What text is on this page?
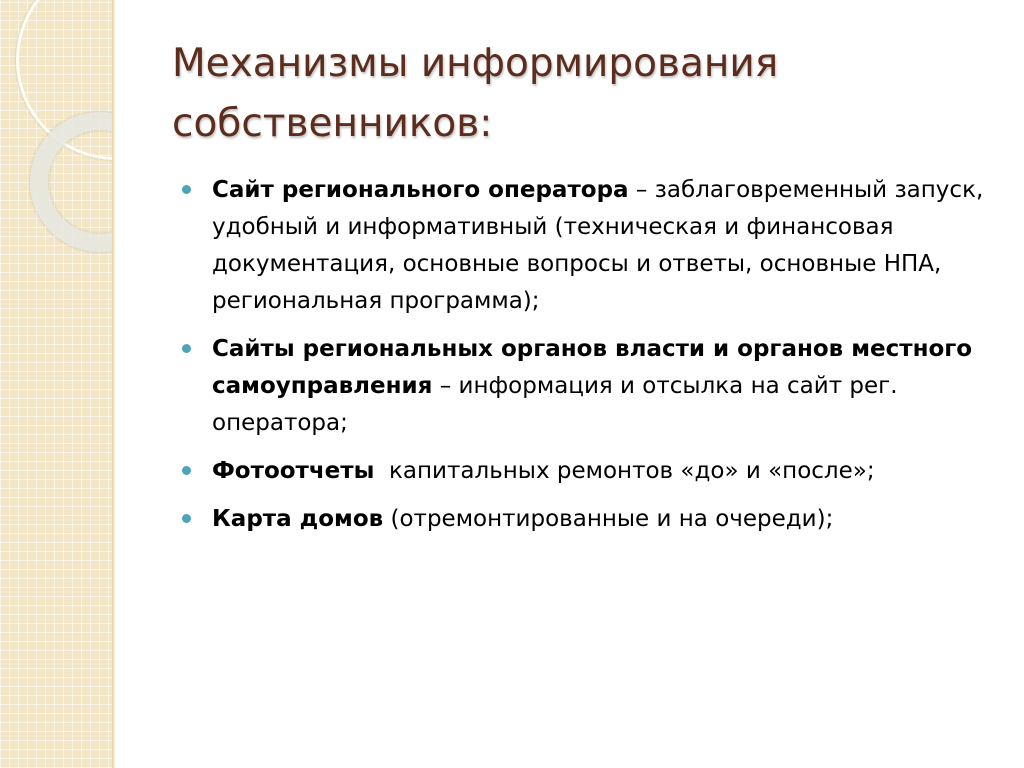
Механизмы информирования собственников:
Сайт регионального оператора – заблаговременный запуск, удобный и информативный (техническая и финансовая документация, основные вопросы и ответы, основные НПА, региональная программа);
Сайты региональных органов власти и органов местного самоуправления – информация и отсылка на сайт рег. оператора;
Фотоотчеты  капитальных ремонтов «до» и «после»;
Карта домов (отремонтированные и на очереди);
